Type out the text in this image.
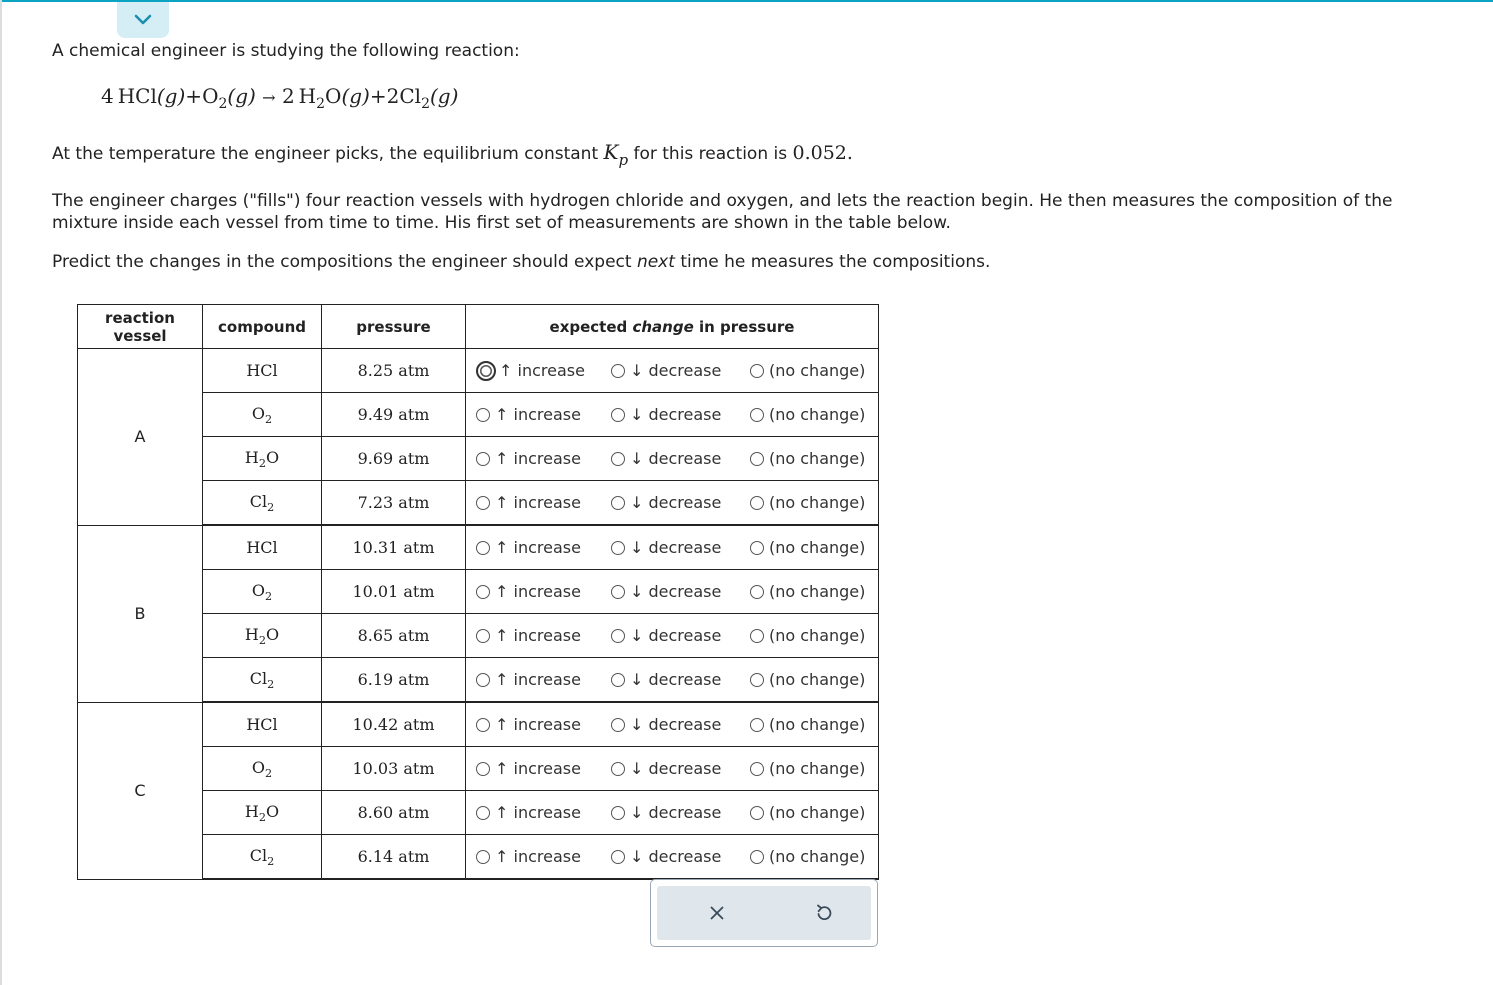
A chemical engineer is studying the following reaction:

4  $HCl(g)+O_2(g) \to 2$  $H_2O(g)+2Cl_2(g)$

At the temperature the engineer picks, the equilibrium constant $K_p$ for this reaction is 0.052.

The engineer charges ("fills") four reaction vessels with hydrogen chloride and oxygen, and lets the reaction begin. He then measures the composition of the mixture inside each vessel from time to time. His first set of measurements are shown in the table below.

Predict the changes in the compositions the engineer should expect next time he measures the compositions.

reaction
vessel	compound	pressure	expected change in pressure
A	HCl	8.25 atm	↑ increase ↓ decrease (no change)

	$O_2$	9.49 atm	↑ increase ↓ decrease (no change)

	$H_2O$	9.69 atm	↑ increase ↓ decrease (no change)

	$Cl_2$	7.23 atm	↑ increase ↓ decrease (no change)

B	HCl	10.31 atm	↑ increase ↓ decrease (no change)

	$O_2$	10.01 atm	↑ increase ↓ decrease (no change)

	$H_2O$	8.65 atm	↑ increase ↓ decrease (no change)

	$Cl_2$	6.19 atm	↑ increase ↓ decrease (no change)

C	HCl	10.42 atm	↑ increase ↓ decrease (no change)

	$O_2$	10.03 atm	↑ increase ↓ decrease (no change)

	$H_2O$	8.60 atm	↑ increase ↓ decrease (no change)

	$Cl_2$	6.14 atm	↑ increase ↓ decrease (no change)
